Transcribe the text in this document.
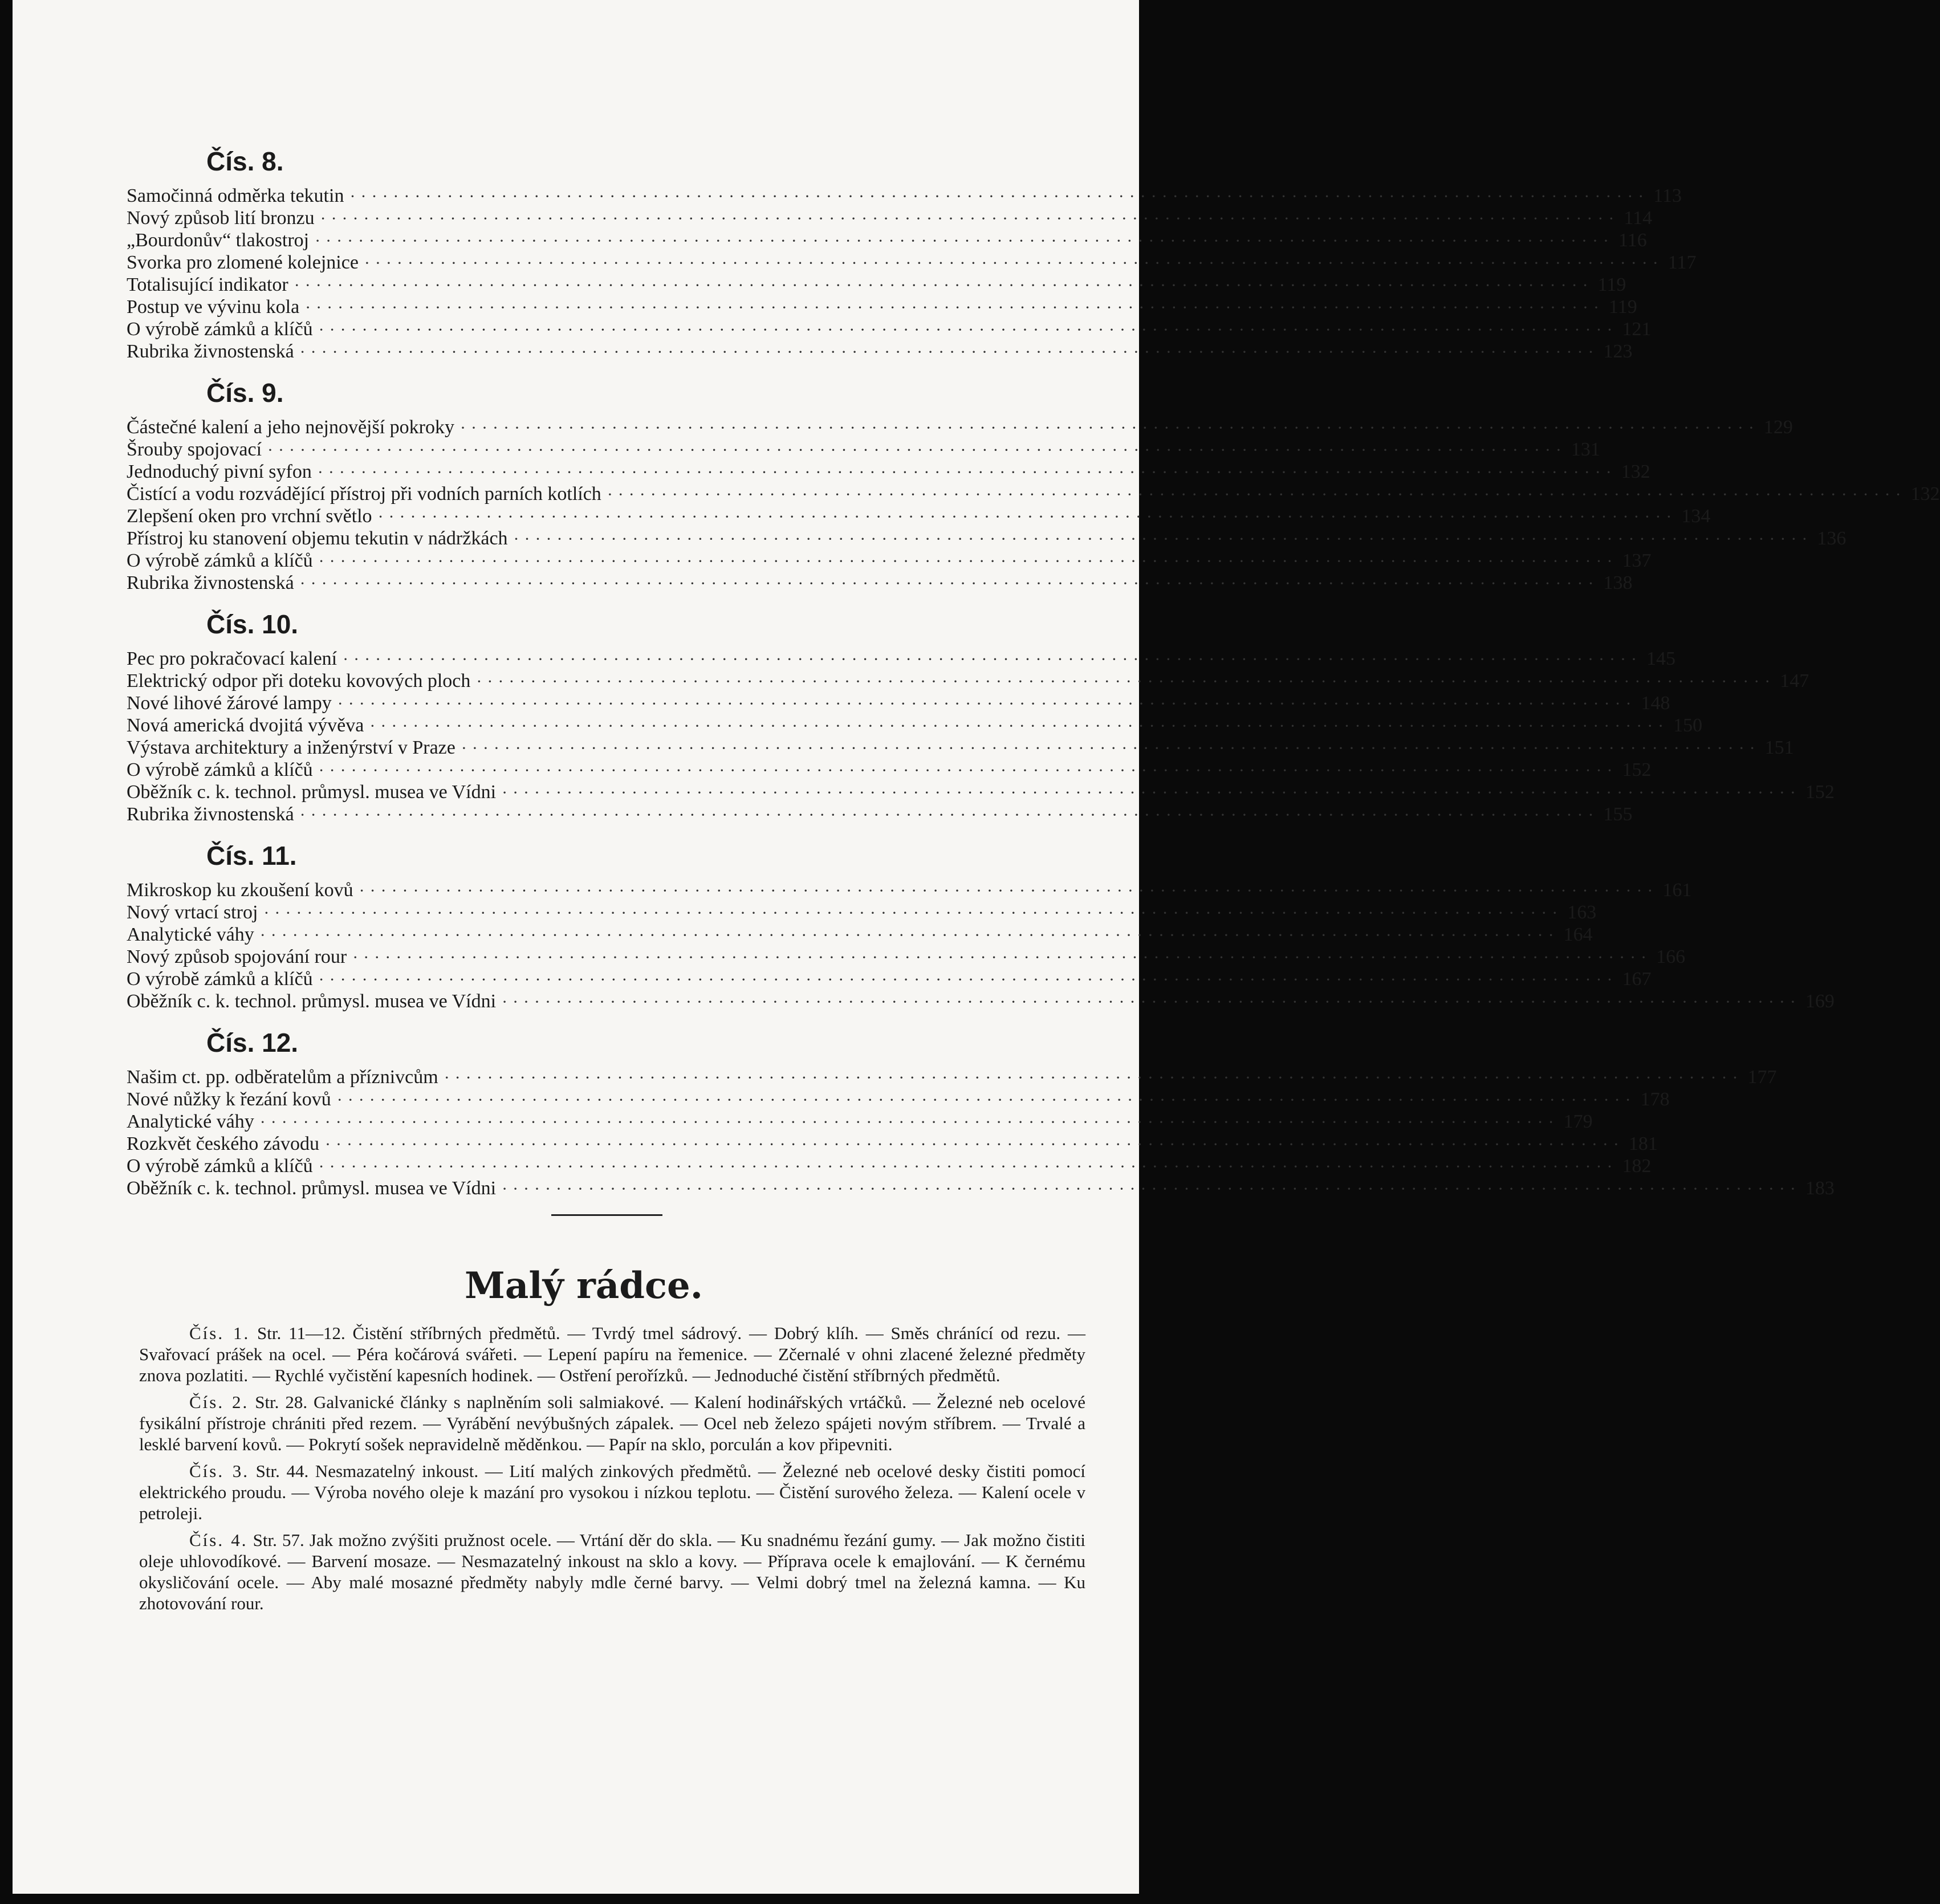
Čís. 8.
Samočinná odměrka tekutin ························································································································ 113
Nový způsob lití bronzu ························································································································ 114
„Bourdonův“ tlakostroj ························································································································ 116
Svorka pro zlomené kolejnice ························································································································ 117
Totalisující indikator ························································································································ 119
Postup ve vývinu kola ························································································································ 119
O výrobě zámků a klíčů ························································································································ 121
Rubrika živnostenská ························································································································ 123
Čís. 9.
Částečné kalení a jeho nejnovější pokroky ························································································································ 129
Šrouby spojovací ························································································································ 131
Jednoduchý pivní syfon ························································································································ 132
Čistící a vodu rozváděјící přístroj při vodních parních kotlích ························································································································ 132
Zlepšení oken pro vrchní světlo ························································································································ 134
Přístroj ku stanovení objemu tekutin v nádržkách ························································································································ 136
O výrobě zámků a klíčů ························································································································ 137
Rubrika živnostenská ························································································································ 138
Čís. 10.
Pec pro pokračovací kalení ························································································································ 145
Elektrický odpor při doteku kovových ploch ························································································································ 147
Nové lihové žárové lampy ························································································································ 148
Nová americká dvojitá vývěva ························································································································ 150
Výstava architektury a inženýrství v Praze ························································································································ 151
O výrobě zámků a klíčů ························································································································ 152
Oběžník c. k. technol. průmysl. musea ve Vídni ························································································································ 152
Rubrika živnostenská ························································································································ 155
Čís. 11.
Mikroskop ku zkoušení kovů ························································································································ 161
Nový vrtací stroj ························································································································ 163
Analytické váhy ························································································································ 164
Nový způsob spojování rour ························································································································ 166
O výrobě zámků a klíčů ························································································································ 167
Oběžník c. k. technol. průmysl. musea ve Vídni ························································································································ 169
Čís. 12.
Našim ct. pp. odběratelům a příznivcům ························································································································ 177
Nové nůžky k řezání kovů ························································································································ 178
Analytické váhy ························································································································ 179
Rozkvět českého závodu ························································································································ 181
O výrobě zámků a klíčů ························································································································ 182
Oběžník c. k. technol. průmysl. musea ve Vídni ························································································································ 183
Malý rádce.

Čís. 1. Str. 11—12. Čistění stříbrných předmětů. — Tvrdý tmel sádrový. — Dobrý klíh. — Směs chránící od rezu. — Svařovací prášek na ocel. — Péra kočárová svářeti. — Lepení papíru na řemenice. — Zčernalé v ohni zlacené železné předměty znova pozlatiti. — Rychlé vyčistění kapesních hodinek. — Ostření perořízků. — Jednoduché čistění stříbrných předmětů.

Čís. 2. Str. 28. Galvanické články s naplněním soli salmiakové. — Kalení hodinářských vrtáčků. — Železné neb ocelové fysikální přístroje chrániti před rezem. — Vyrábění nevýbušných zápalek. — Ocel neb železo spájeti novým stříbrem. — Trvalé a lesklé barvení kovů. — Pokrytí sošek nepravidelně měděnkou. — Papír na sklo, porculán a kov připevniti.

Čís. 3. Str. 44. Nesmazatelný inkoust. — Lití malých zinkových předmětů. — Železné neb ocelové desky čistiti pomocí elektrického proudu. — Výroba nového oleje k mazání pro vysokou i nízkou teplotu. — Čistění surového železa. — Kalení ocele v petroleji.

Čís. 4. Str. 57. Jak možno zvýšiti pružnost ocele. — Vrtání děr do skla. — Ku snadnému řezání gumy. — Jak možno čistiti oleje uhlovodíkové. — Barvení mosaze. — Nesmazatelný inkoust na sklo a kovy. — Příprava ocele k emajlování. — K černému okysličování ocele. — Aby malé mosazné předměty nabyly mdle černé barvy. — Velmi dobrý tmel na železná kamna. — Ku zhotovování rour.
